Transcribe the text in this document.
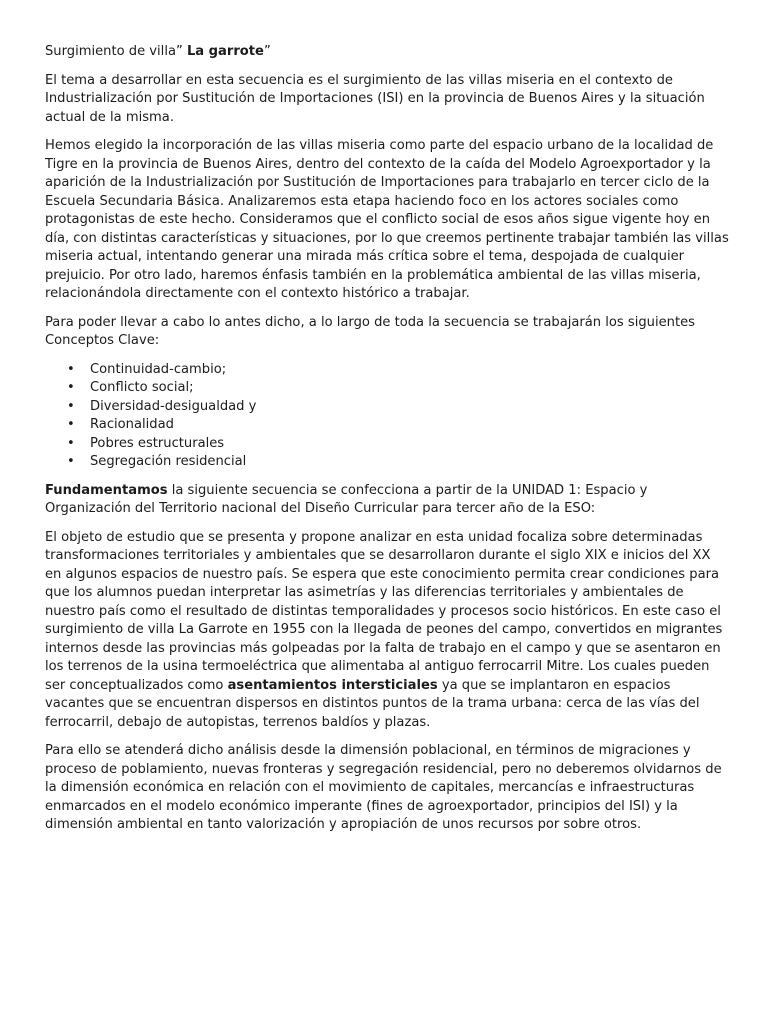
Surgimiento de villa” La garrote”

El tema a desarrollar en esta secuencia es el surgimiento de las villas miseria en el contexto de Industrialización por Sustitución de Importaciones (ISI) en la provincia de Buenos Aires y la situación actual de la misma.

Hemos elegido la incorporación de las villas miseria como parte del espacio urbano de la localidad de Tigre en la provincia de Buenos Aires, dentro del contexto de la caída del Modelo Agroexportador y la aparición de la Industrialización por Sustitución de Importaciones para trabajarlo en tercer ciclo de la Escuela Secundaria Básica. Analizaremos esta etapa haciendo foco en los actores sociales como protagonistas de este hecho. Consideramos que el conflicto social de esos años sigue vigente hoy en día, con distintas características y situaciones, por lo que creemos pertinente trabajar también las villas miseria actual, intentando generar una mirada más crítica sobre el tema, despojada de cualquier prejuicio. Por otro lado, haremos énfasis también en la problemática ambiental de las villas miseria, relacionándola directamente con el contexto histórico a trabajar.

Para poder llevar a cabo lo antes dicho, a lo largo de toda la secuencia se trabajarán los siguientes Conceptos Clave:

• Continuidad-cambio;
• Conflicto social;
• Diversidad-desigualdad y
• Racionalidad
• Pobres estructurales
• Segregación residencial

Fundamentamos la siguiente secuencia se confecciona a partir de la UNIDAD 1: Espacio y Organización del Territorio nacional del Diseño Curricular para tercer año de la ESO:

El objeto de estudio que se presenta y propone analizar en esta unidad focaliza sobre determinadas transformaciones territoriales y ambientales que se desarrollaron durante el siglo XIX e inicios del XX en algunos espacios de nuestro país. Se espera que este conocimiento permita crear condiciones para que los alumnos puedan interpretar las asimetrías y las diferencias territoriales y ambientales de nuestro país como el resultado de distintas temporalidades y procesos socio históricos. En este caso el surgimiento de villa La Garrote en 1955 con la llegada de peones del campo, convertidos en migrantes internos desde las provincias más golpeadas por la falta de trabajo en el campo y que se asentaron en los terrenos de la usina termoeléctrica que alimentaba al antiguo ferrocarril Mitre. Los cuales pueden ser conceptualizados como asentamientos intersticiales ya que se implantaron en espacios vacantes que se encuentran dispersos en distintos puntos de la trama urbana: cerca de las vías del ferrocarril, debajo de autopistas, terrenos baldíos y plazas.

Para ello se atenderá dicho análisis desde la dimensión poblacional, en términos de migraciones y proceso de poblamiento, nuevas fronteras y segregación residencial, pero no deberemos olvidarnos de la dimensión económica en relación con el movimiento de capitales, mercancías e infraestructuras enmarcados en el modelo económico imperante (fines de agroexportador, principios del ISI) y la dimensión ambiental en tanto valorización y apropiación de unos recursos por sobre otros.
